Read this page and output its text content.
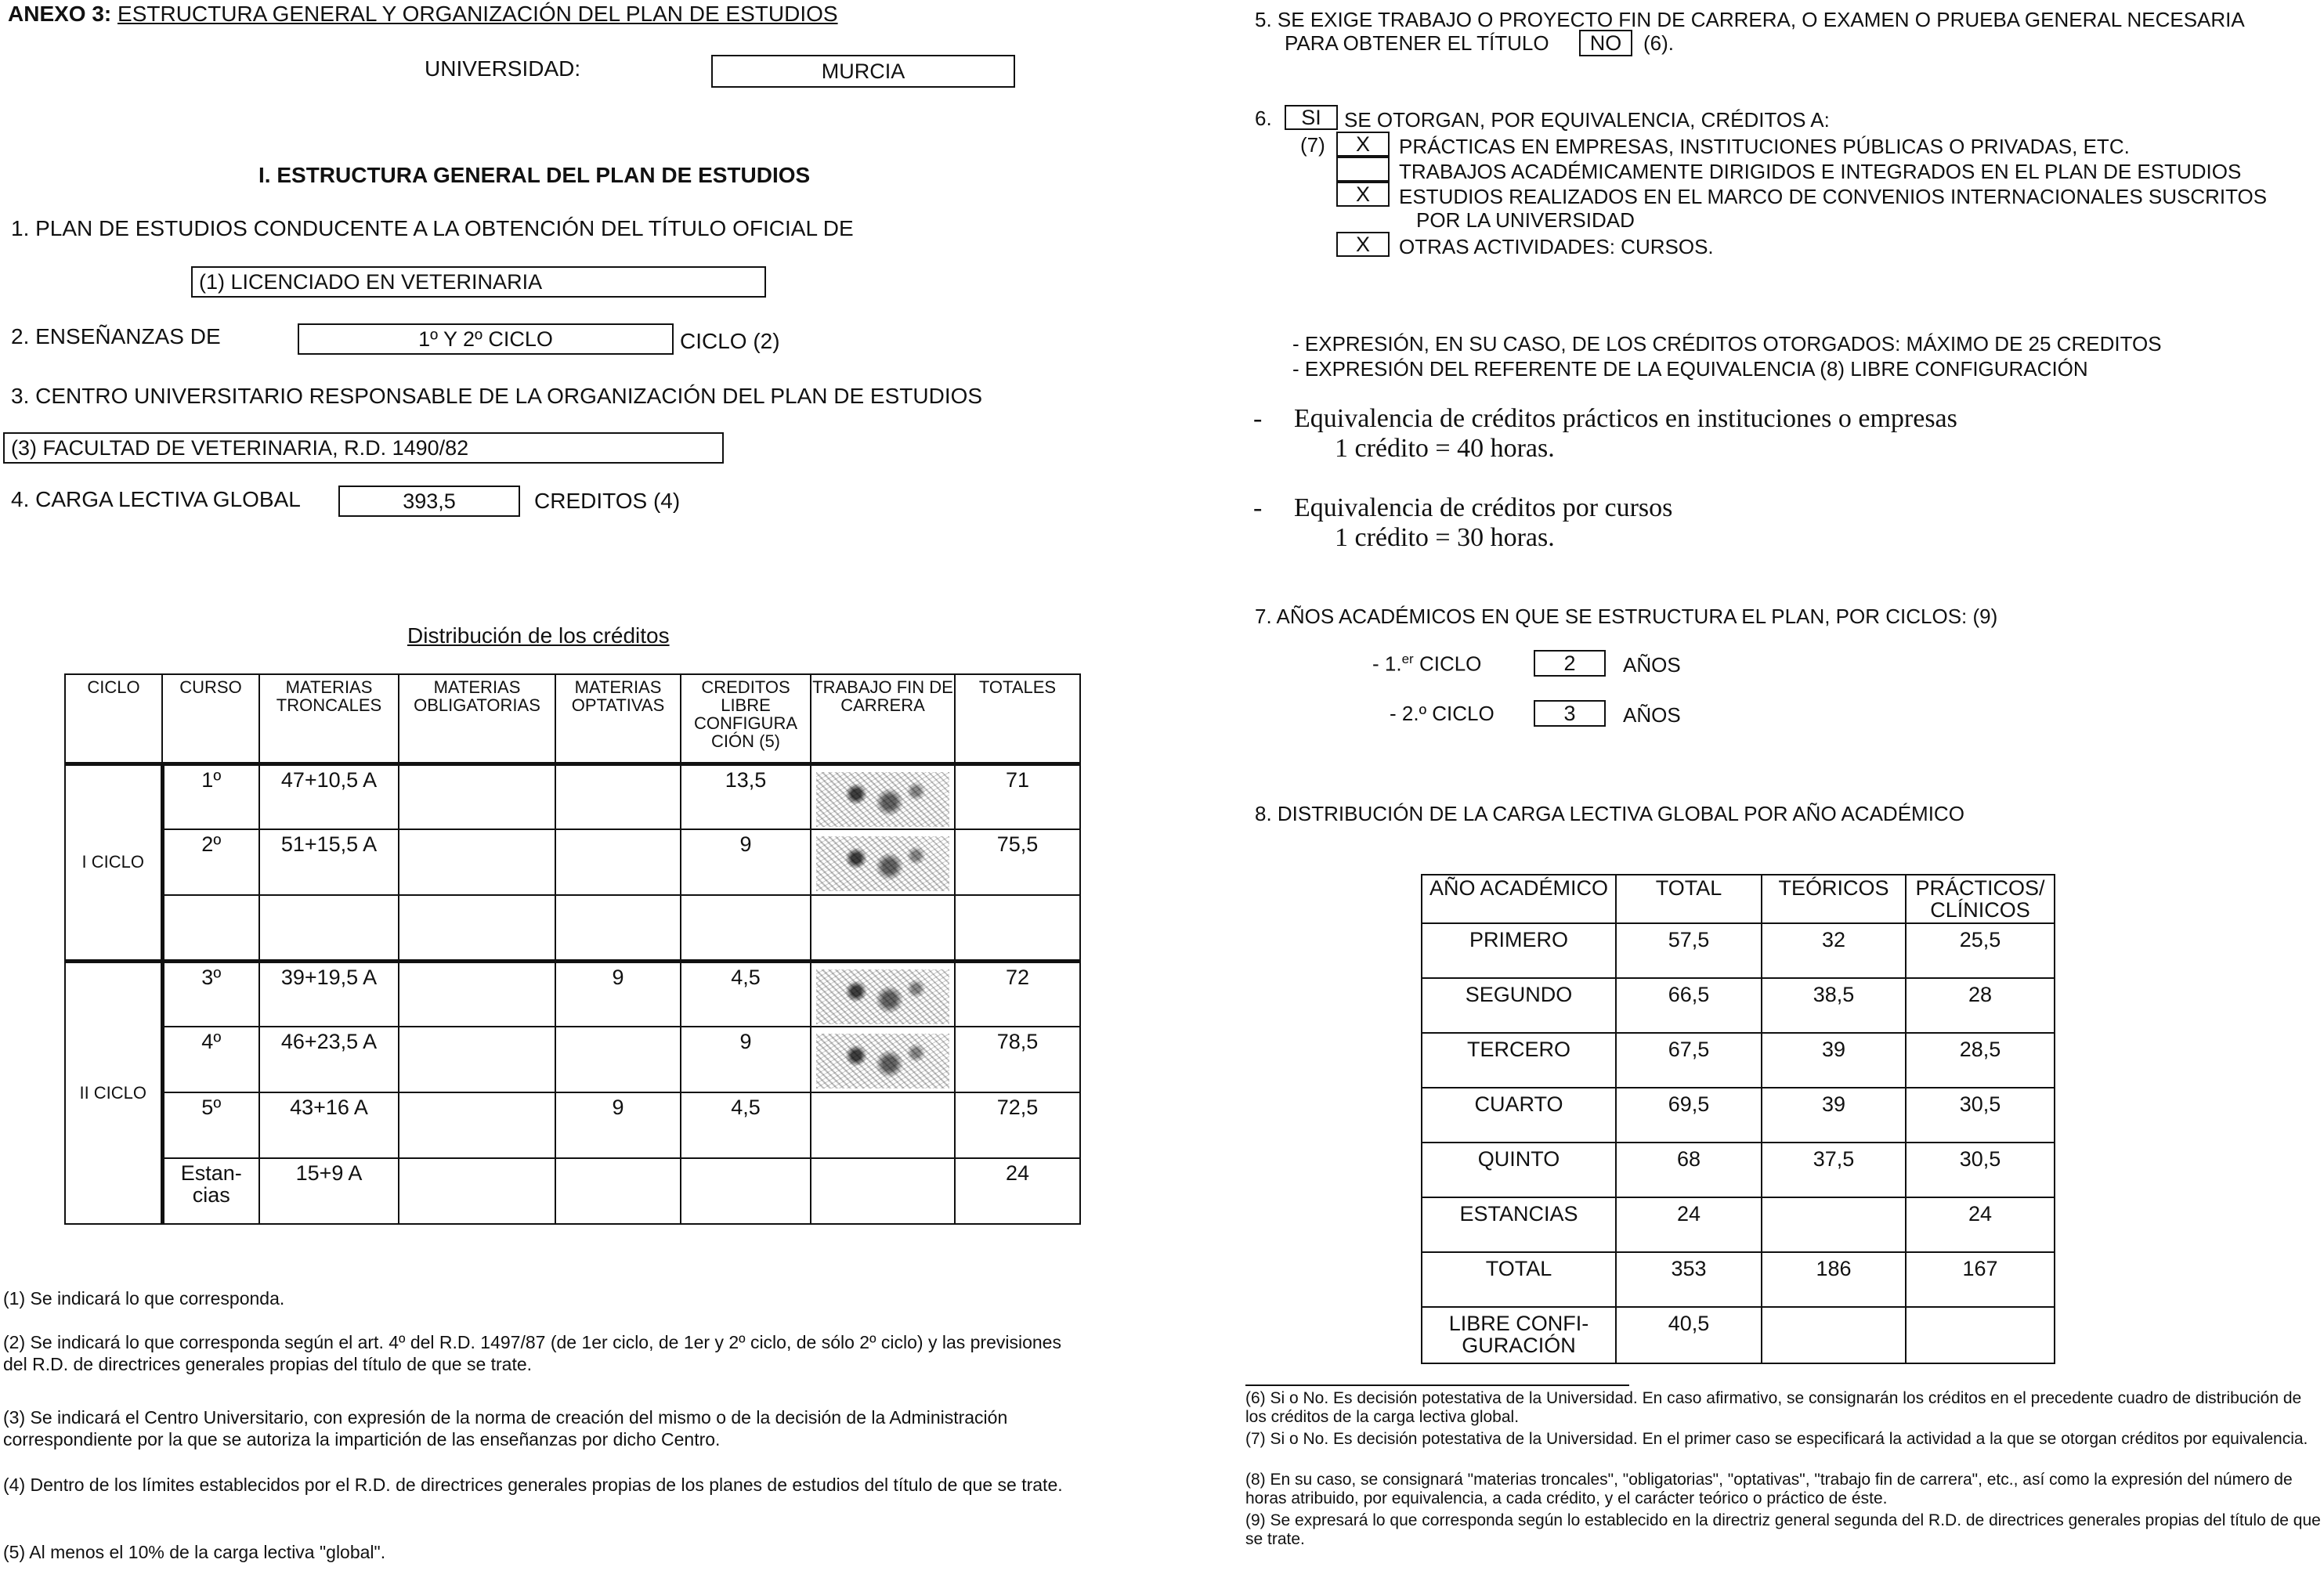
ANEXO 3: ESTRUCTURA GENERAL Y ORGANIZACIÓN DEL PLAN DE ESTUDIOS
UNIVERSIDAD:	MURCIA
I. ESTRUCTURA GENERAL DEL PLAN DE ESTUDIOS
1. PLAN DE ESTUDIOS CONDUCENTE A LA OBTENCIÓN DEL TÍTULO OFICIAL DE
(1) LICENCIADO EN VETERINARIA
2. ENSEÑANZAS DE	1º Y 2º CICLO	CICLO (2)
3. CENTRO UNIVERSITARIO RESPONSABLE DE LA ORGANIZACIÓN DEL PLAN DE ESTUDIOS
(3) FACULTAD DE VETERINARIA, R.D. 1490/82
4. CARGA LECTIVA GLOBAL	393,5	CREDITOS (4)
Distribución de los créditos
CICLO	CURSO	MATERIAS TRONCALES	MATERIAS OBLIGATORIAS	MATERIAS OPTATIVAS	CREDITOS LIBRE CONFIGURA CIÓN (5)	TRABAJO FIN DE CARRERA	TOTALES
I CICLO	1º	47+10,5 A			13,5		71
	2º	51+15,5 A			9		75,5

II CICLO	3º	39+19,5 A		9	4,5		72
	4º	46+23,5 A			9		78,5
	5º	43+16 A		9	4,5		72,5
	Estan-cias	15+9 A					24
(1) Se indicará lo que corresponda.
(2) Se indicará lo que corresponda según el art. 4º del R.D. 1497/87 (de 1er ciclo, de 1er y 2º ciclo, de sólo 2º ciclo) y las previsiones del R.D. de directrices generales propias del título de que se trate.
(3) Se indicará el Centro Universitario, con expresión de la norma de creación del mismo o de la decisión de la Administración correspondiente por la que se autoriza la impartición de las enseñanzas por dicho Centro.
(4) Dentro de los límites establecidos por el R.D. de directrices generales propias de los planes de estudios del título de que se trate.
(5) Al menos el 10% de la carga lectiva "global".
5. SE EXIGE TRABAJO O PROYECTO FIN DE CARRERA, O EXAMEN O PRUEBA GENERAL NECESARIA
PARA OBTENER EL TÍTULO	NO	(6).
6.	SI	SE OTORGAN, POR EQUIVALENCIA, CRÉDITOS A:
(7)	X	PRÁCTICAS EN EMPRESAS, INSTITUCIONES PÚBLICAS O PRIVADAS, ETC.
TRABAJOS ACADÉMICAMENTE DIRIGIDOS E INTEGRADOS EN EL PLAN DE ESTUDIOS
X	ESTUDIOS REALIZADOS EN EL MARCO DE CONVENIOS INTERNACIONALES SUSCRITOS
POR LA UNIVERSIDAD
X	OTRAS ACTIVIDADES: CURSOS.
- EXPRESIÓN, EN SU CASO, DE LOS CRÉDITOS OTORGADOS: MÁXIMO DE 25 CREDITOS
- EXPRESIÓN DEL REFERENTE DE LA EQUIVALENCIA (8) LIBRE CONFIGURACIÓN
- Equivalencia de créditos prácticos en instituciones o empresas
1 crédito = 40 horas.
- Equivalencia de créditos por cursos
1 crédito = 30 horas.
7. AÑOS ACADÉMICOS EN QUE SE ESTRUCTURA EL PLAN, POR CICLOS: (9)
- 1.$^{er}$ CICLO	2	AÑOS
- 2.º CICLO	3	AÑOS
8. DISTRIBUCIÓN DE LA CARGA LECTIVA GLOBAL POR AÑO ACADÉMICO
AÑO ACADÉMICO	TOTAL	TEÓRICOS	PRÁCTICOS/ CLÍNICOS
PRIMERO	57,5	32	25,5
SEGUNDO	66,5	38,5	28
TERCERO	67,5	39	28,5
CUARTO	69,5	39	30,5
QUINTO	68	37,5	30,5
ESTANCIAS	24		24
TOTAL	353	186	167
LIBRE CONFI-GURACIÓN	40,5		
(6) Si o No. Es decisión potestativa de la Universidad. En caso afirmativo, se consignarán los créditos en el precedente cuadro de distribución de los créditos de la carga lectiva global.
(7) Si o No. Es decisión potestativa de la Universidad. En el primer caso se especificará la actividad a la que se otorgan créditos por equivalencia.
(8) En su caso, se consignará "materias troncales", "obligatorias", "optativas", "trabajo fin de carrera", etc., así como la expresión del número de horas atribuido, por equivalencia, a cada crédito, y el carácter teórico o práctico de éste.
(9) Se expresará lo que corresponda según lo establecido en la directriz general segunda del R.D. de directrices generales propias del título de que se trate.
